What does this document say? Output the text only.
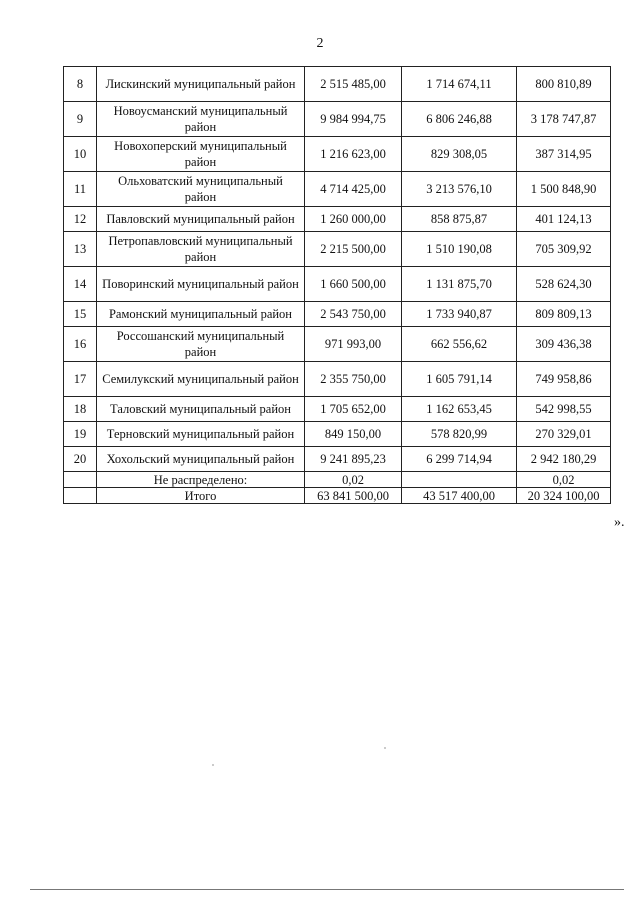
2
8	Лискинский муниципальный район	2 515 485,00	1 714 674,11	800 810,89
9	Новоусманский муниципальный район	9 984 994,75	6 806 246,88	3 178 747,87
10	Новохоперский муниципальный район	1 216 623,00	829 308,05	387 314,95
11	Ольховатский муниципальный район	4 714 425,00	3 213 576,10	1 500 848,90
12	Павловский муниципальный район	1 260 000,00	858 875,87	401 124,13
13	Петропавловский муниципальный район	2 215 500,00	1 510 190,08	705 309,92
14	Поворинский муниципальный район	1 660 500,00	1 131 875,70	528 624,30
15	Рамонский муниципальный район	2 543 750,00	1 733 940,87	809 809,13
16	Россошанский муниципальный район	971 993,00	662 556,62	309 436,38
17	Семилукский муниципальный район	2 355 750,00	1 605 791,14	749 958,86
18	Таловский муниципальный район	1 705 652,00	1 162 653,45	542 998,55
19	Терновский муниципальный район	849 150,00	578 820,99	270 329,01
20	Хохольский муниципальный район	9 241 895,23	6 299 714,94	2 942 180,29
	Не распределено:	0,02		0,02
	Итого	63 841 500,00	43 517 400,00	20 324 100,00
».
